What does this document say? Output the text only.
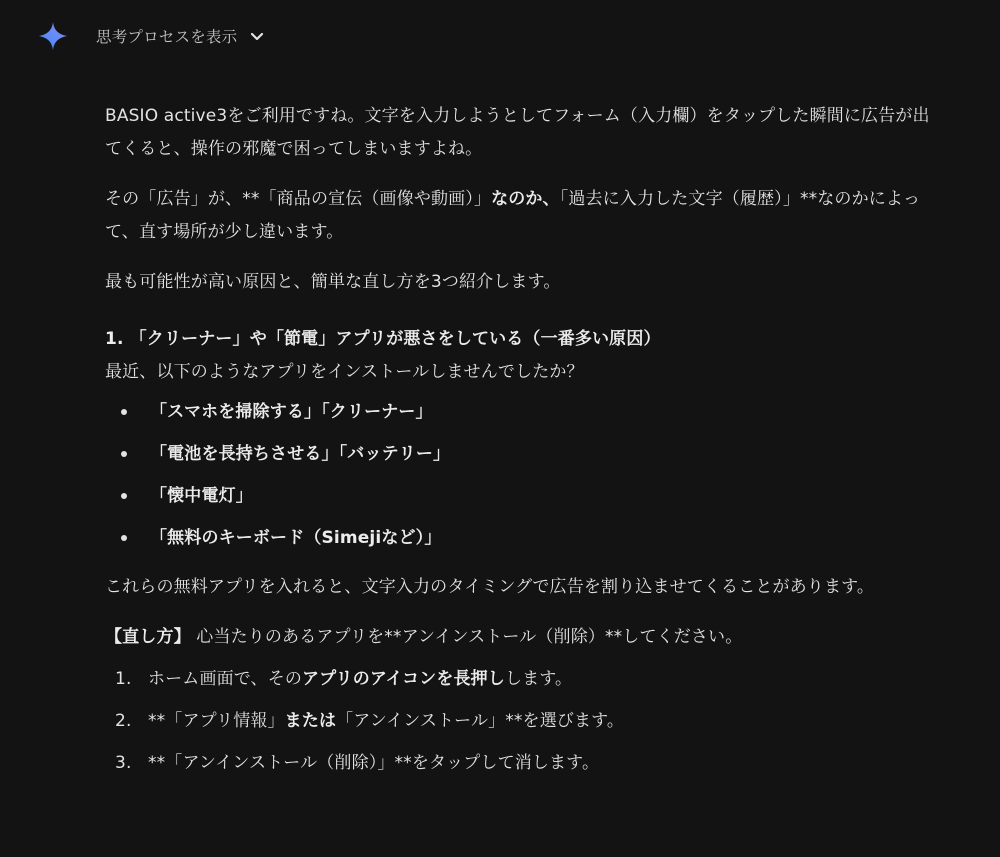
思考プロセスを表示

BASIO active3をご利用ですね。文字を入力しようとしてフォーム（入力欄）をタップした瞬間に広告が出てくると、操作の邪魔で困ってしまいますよね。

その「広告」が、**「商品の宣伝（画像や動画）」なのか、「過去に入力した文字（履歴）」**なのかによって、直す場所が少し違います。

最も可能性が高い原因と、簡単な直し方を3つ紹介します。

1. 「クリーナー」や「節電」アプリが悪さをしている（一番多い原因）

最近、以下のようなアプリをインストールしませんでしたか？

「スマホを掃除する」「クリーナー」
「電池を長持ちさせる」「バッテリー」
「懐中電灯」
「無料のキーボード（Simejiなど）」

これらの無料アプリを入れると、文字入力のタイミングで広告を割り込ませてくることがあります。

【直し方】 心当たりのあるアプリを**アンインストール（削除）**してください。

1. ホーム画面で、そのアプリのアイコンを長押しします。
2. **「アプリ情報」または「アンインストール」**を選びます。
3. **「アンインストール（削除）」**をタップして消します。
